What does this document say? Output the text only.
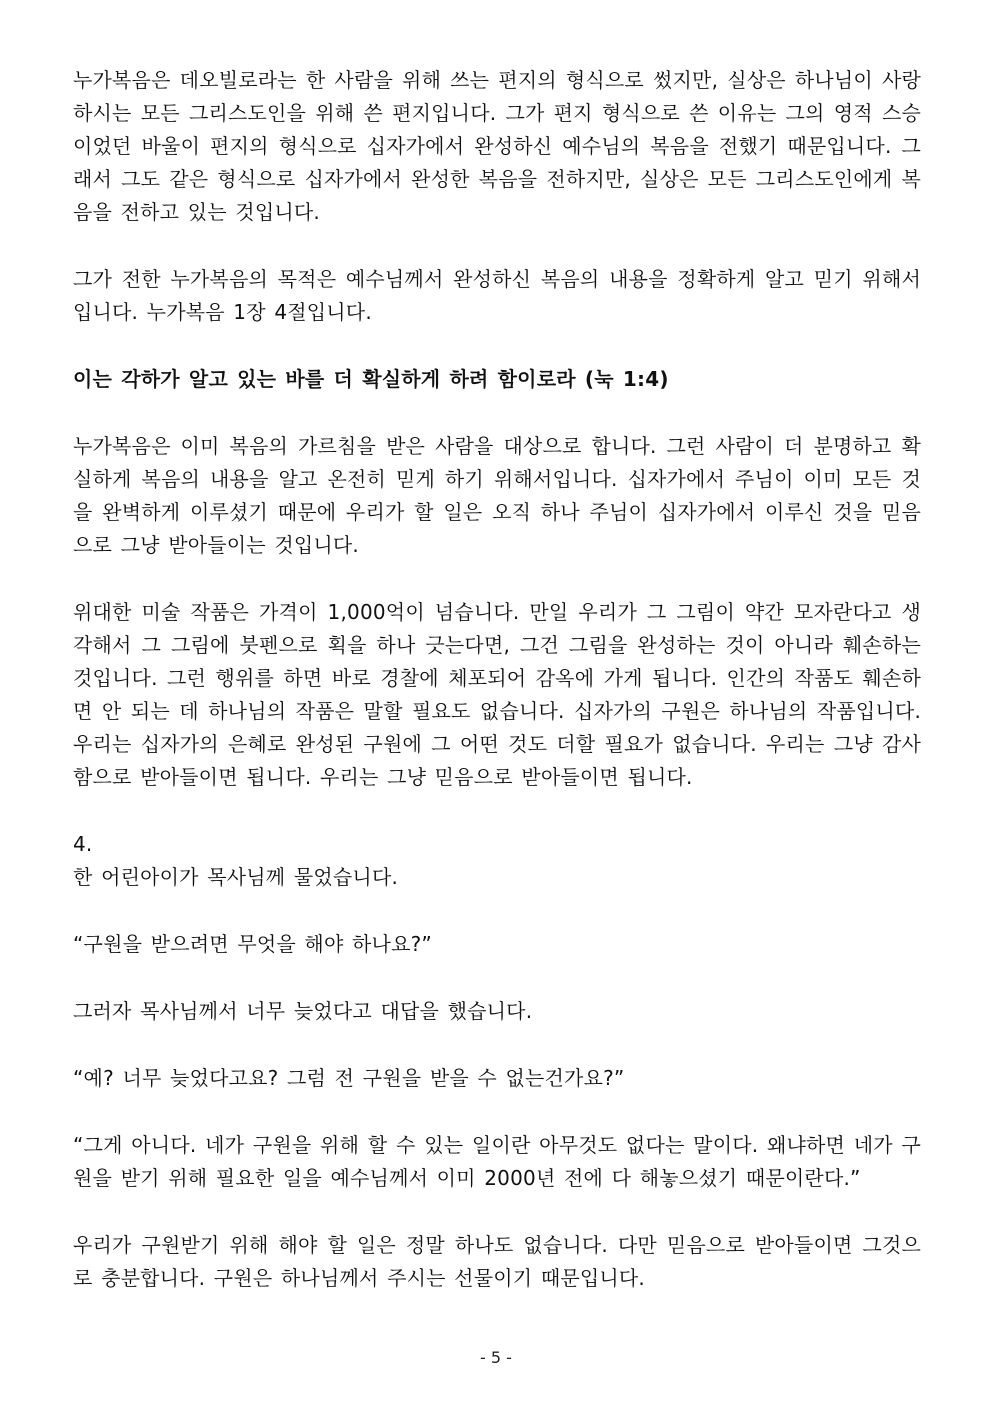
누가복음은 데오빌로라는 한 사람을 위해 쓰는 편지의 형식으로 썼지만, 실상은 하나님이 사랑하시는 모든 그리스도인을 위해 쓴 편지입니다. 그가 편지 형식으로 쓴 이유는 그의 영적 스승이었던 바울이 편지의 형식으로 십자가에서 완성하신 예수님의 복음을 전했기 때문입니다. 그래서 그도 같은 형식으로 십자가에서 완성한 복음을 전하지만, 실상은 모든 그리스도인에게 복음을 전하고 있는 것입니다.

그가 전한 누가복음의 목적은 예수님께서 완성하신 복음의 내용을 정확하게 알고 믿기 위해서입니다. 누가복음 1장 4절입니다.

이는 각하가 알고 있는 바를 더 확실하게 하려 함이로라 (눅 1:4)

누가복음은 이미 복음의 가르침을 받은 사람을 대상으로 합니다. 그런 사람이 더 분명하고 확실하게 복음의 내용을 알고 온전히 믿게 하기 위해서입니다. 십자가에서 주님이 이미 모든 것을 완벽하게 이루셨기 때문에 우리가 할 일은 오직 하나 주님이 십자가에서 이루신 것을 믿음으로 그냥 받아들이는 것입니다.

위대한 미술 작품은 가격이 1,000억이 넘습니다. 만일 우리가 그 그림이 약간 모자란다고 생각해서 그 그림에 붓펜으로 획을 하나 긋는다면, 그건 그림을 완성하는 것이 아니라 훼손하는 것입니다. 그런 행위를 하면 바로 경찰에 체포되어 감옥에 가게 됩니다. 인간의 작품도 훼손하면 안 되는 데 하나님의 작품은 말할 필요도 없습니다. 십자가의 구원은 하나님의 작품입니다. 우리는 십자가의 은혜로 완성된 구원에 그 어떤 것도 더할 필요가 없습니다. 우리는 그냥 감사함으로 받아들이면 됩니다. 우리는 그냥 믿음으로 받아들이면 됩니다.

4.

한 어린아이가 목사님께 물었습니다.

“구원을 받으려면 무엇을 해야 하나요?”

그러자 목사님께서 너무 늦었다고 대답을 했습니다.

“예? 너무 늦었다고요? 그럼 전 구원을 받을 수 없는건가요?”

“그게 아니다. 네가 구원을 위해 할 수 있는 일이란 아무것도 없다는 말이다. 왜냐하면 네가 구원을 받기 위해 필요한 일을 예수님께서 이미 2000년 전에 다 해놓으셨기 때문이란다.”

우리가 구원받기 위해 해야 할 일은 정말 하나도 없습니다. 다만 믿음으로 받아들이면 그것으로 충분합니다. 구원은 하나님께서 주시는 선물이기 때문입니다.

- 5 -
